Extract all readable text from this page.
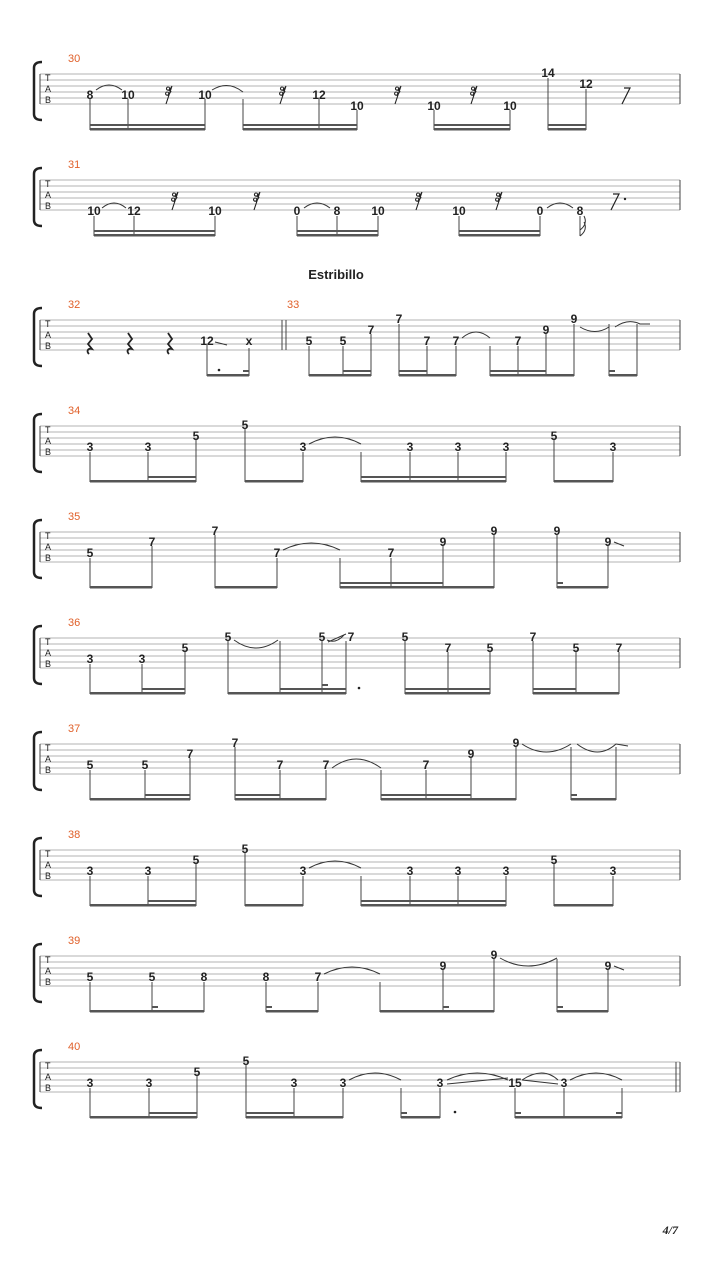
T
A
B
30
8 10	10	12
10	10	10
14
12
T
A
B
31
10 12	10	0	8	10	10	0	8
Estribillo
T
A
B
32	33
12	x	5 5
7
7
7 7	7
9
9
T
A
B
34
3	3
5
5
3	3	3	3
5
3
T
A
B
35
5
7
7
7	7
9
9	9
9
T
A
B
36
3	3
5
5	5 7	5
7	5
7
5	7
T
A
B
37
5	5
7
7
7	7	7
9
9
T
A
B
38
3	3
5
5
3	3	3	3
5
3
T
A
B
39
5	5	8	8	7
9
9
9
T
A
B
40
3	3
5
5
3	3	3	15	3
4/7
